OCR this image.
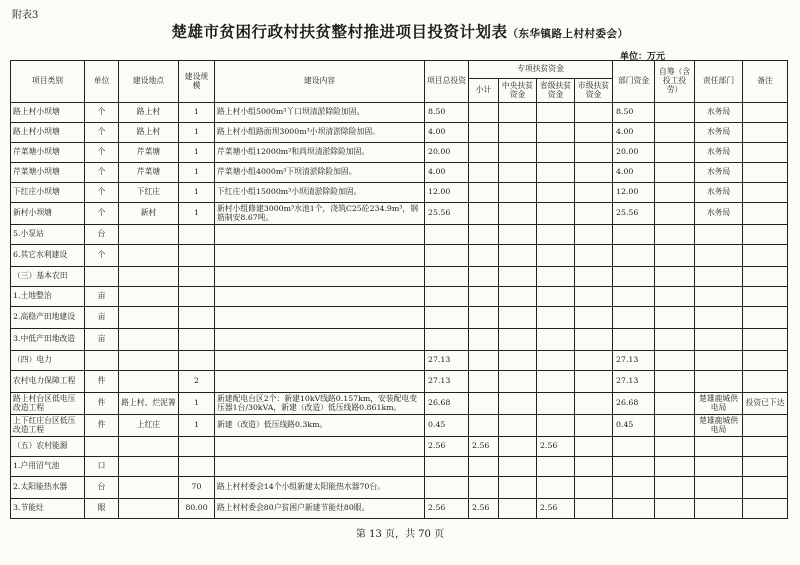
附表3
楚雄市贫困行政村扶贫整村推进项目投资计划表（东华镇路上村村委会）
单位：万元
项目类别	单位	建设地点	建设规模	建设内容	项目总投资	专项扶贫资金				部门资金	自筹（含投工投劳）	责任部门	备注
						小计	中央扶贫资金	省级扶贫资金	市级扶贫资金				
路上村小坝塘	个	路上村	1	路上村小组5000m³丫口坝清淤除险加固。	8.50					8.50		水务局	
路上村小坝塘	个	路上村	1	路上村小组路面坝3000m³小坝清淤除险加固。	4.00					4.00		水务局	
芹菜塘小坝塘	个	芹菜塘	1	芹菜塘小组12000m³和尚坝清淤除险加固。	20.00					20.00		水务局	
芹菜塘小坝塘	个	芹菜塘	1	芹菜塘小组4000m³下坝清淤除险加固。	4.00					4.00		水务局	
下红庄小坝塘	个	下红庄	1	下红庄小组15000m³小坝清淤除险加固。	12.00					12.00		水务局	
新村小坝塘	个	新村	1	新村小组修建3000m³水池1个，浇筑C25砼234.9m³，钢筋制安8.67吨。	25.56					25.56		水务局	
5.小泵站	台												
6.其它水利建设	个												
（三）基本农田													
1.土地整治	亩												
2.高稳产田地建设	亩												
3.中低产田地改造	亩												
（四）电力					27.13					27.13			
农村电力保障工程	件		2		27.13					27.13			
路上村台区低电压改造工程	件	路上村、烂泥箐	1	新建配电台区2个：新建10kV线路0.157km，安装配电变压器1台/30kVA，新建（改造）低压线路0.861km。	26.68					26.68		楚雄鹿城供电局	投资已下达
上下红庄台区低压改造工程	件	上红庄	1	新建（改造）低压线路0.3km。	0.45					0.45		楚雄鹿城供电局	
（五）农村能源					2.56	2.56		2.56					
1.户用沼气池	口												
2.太阳能热水器	台		70	路上村村委会14个小组新建太阳能热水器70台。									
3.节能灶	眼		80.00	路上村村委会80户贫困户新建节能灶80眼。	2.56	2.56		2.56					
第 13 页，共 70 页
